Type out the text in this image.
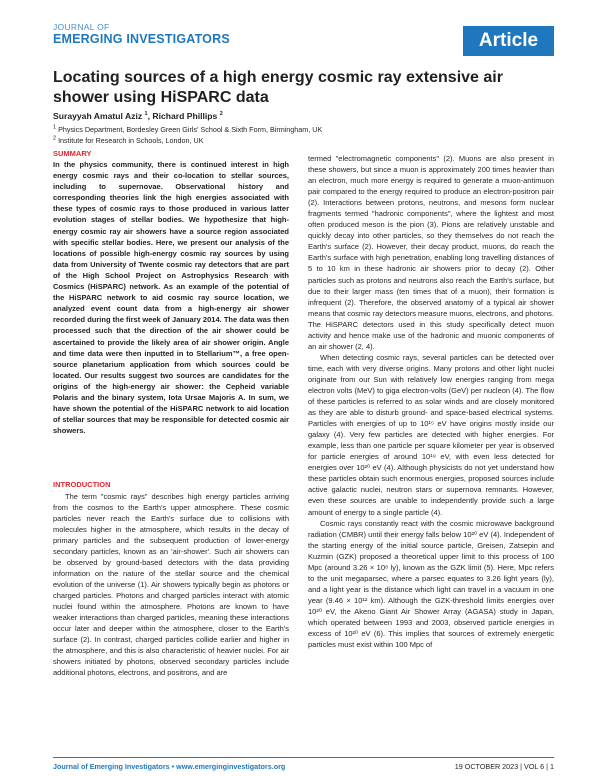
JOURNAL OF
EMERGING INVESTIGATORS	Article
Locating sources of a high energy cosmic ray extensive air shower using HiSPARC data
Surayyah Amatul Aziz $^1$, Richard Phillips $^2$
$^1$ Physics Department, Bordesley Green Girls' School & Sixth Form, Birmingham, UK
$^2$ Institute for Research in Schools, London, UK
SUMMARY
In the physics community, there is continued interest in high energy cosmic rays and their co-location to stellar sources, including to supernovae. Observational history and corresponding theories link the high energies associated with these types of cosmic rays to those produced in various latter evolution stages of stellar bodies. We hypothesize that high-energy cosmic ray air showers have a source region associated with specific stellar bodies. Here, we present our analysis of the locations of possible high-energy cosmic ray sources by using data from University of Twente cosmic ray detectors that are part of the High School Project on Astrophysics Research with Cosmics (HiSPARC) network. As an example of the potential of the HiSPARC network to aid cosmic ray source location, we analyzed event count data from a high-energy air shower recorded during the first week of January 2014. The data was then processed such that the direction of the air shower could be ascertained to provide the likely area of air shower origin. Angle and time data were then inputted in to Stellarium™, a free open-source planetarium application from which sources could be located. Our results suggest two sources are candidates for the origins of the high-energy air shower: the Cepheid variable Polaris and the binary system, Iota Ursae Majoris A. In sum, we have shown the potential of the HiSPARC network to aid location of stellar sources that may be responsible for detected cosmic air showers.
INTRODUCTION

The term "cosmic rays" describes high energy particles arriving from the cosmos to the Earth's upper atmosphere. These cosmic particles never reach the Earth's surface due to collisions with molecules higher in the atmosphere, which results in the decay of primary particles and the subsequent production of lower-energy secondary particles, known as an 'air-shower'. Such air showers can be observed by ground-based detectors with the data providing information on the nature of the stellar source and the chemical evolution of the universe (1). Air showers typically begin as photons or charged particles. Photons and charged particles interact with atomic nuclei found within the atmosphere. Photons are known to have weaker interactions than charged particles, meaning these interactions occur later and deeper within the atmosphere, closer to the Earth's surface (2). In contrast, charged particles collide earlier and higher in the atmosphere, and this is also characteristic of heavier nuclei. For air showers initiated by photons, observed secondary particles include additional photons, electrons, and positrons, and are

termed "electromagnetic components" (2). Muons are also present in these showers, but since a muon is approximately 200 times heavier than an electron, much more energy is required to generate a muon-antimuon pair compared to the energy required to produce an electron-positron pair (2). Interactions between protons, neutrons, and mesons form nuclear fragments termed "hadronic components", where the lightest and most often produced meson is the pion (3). Pions are relatively unstable and quickly decay into other particles, so they themselves do not reach the Earth's surface (2). However, their decay product, muons, do reach the Earth's surface with high penetration, enabling long travelling distances of 5 to 10 km in these hadronic air showers prior to decay (2). Other particles such as protons and neutrons also reach the Earth's surface, but due to their larger mass (ten times that of a muon), their formation is infrequent (2). Therefore, the observed anatomy of a typical air shower means that cosmic ray detectors measure muons, electrons, and photons. The HiSPARC detectors used in this study specifically detect muon activity and hence make use of the hadronic and muonic components of an air shower (2, 4).

When detecting cosmic rays, several particles can be detected over time, each with very diverse origins. Many protons and other light nuclei originate from our Sun with relatively low energies ranging from mega electron volts (MeV) to giga electron-volts (GeV) per nucleon (4). The flow of these particles is referred to as solar winds and are closely monitored as they are able to disturb ground- and space-based electrical systems. Particles with energies of up to 10¹⁵ eV have origins mostly inside our galaxy (4). Very few particles are detected with higher energies. For example, less than one particle per square kilometer per year is observed for particle energies of around 10¹⁹ eV, with even less detected for energies over 10²⁰ eV (4). Although physicists do not yet understand how these particles obtain such enormous energies, proposed sources include active galactic nuclei, neutron stars or supernova remnants. However, even these sources are unable to independently provide such a large amount of energy to a single particle (4).

Cosmic rays constantly react with the cosmic microwave background radiation (CMBR) until their energy falls below 10²⁰ eV (4). Independent of the starting energy of the initial source particle, Greisen, Zatsepin and Kuzmin (GZK) proposed a theoretical upper limit to this process of 100 Mpc (around 3.26 × 10⁸ ly), known as the GZK limit (5). Here, Mpc refers to the unit megaparsec, where a parsec equates to 3.26 light years (ly), and a light year is the distance which light can travel in a vacuum in one year (9.46 × 10¹² km). Although the GZK-threshold limits energies over 10²⁰ eV, the Akeno Giant Air Shower Array (AGASA) study in Japan, which operated between 1993 and 2003, observed particle energies in excess of 10²⁰ eV (6). This implies that sources of extremely energetic particles must exist within 100 Mpc of

Journal of Emerging Investigators • www.emerginginvestigators.org	19 OCTOBER 2023 | VOL 6 | 1
